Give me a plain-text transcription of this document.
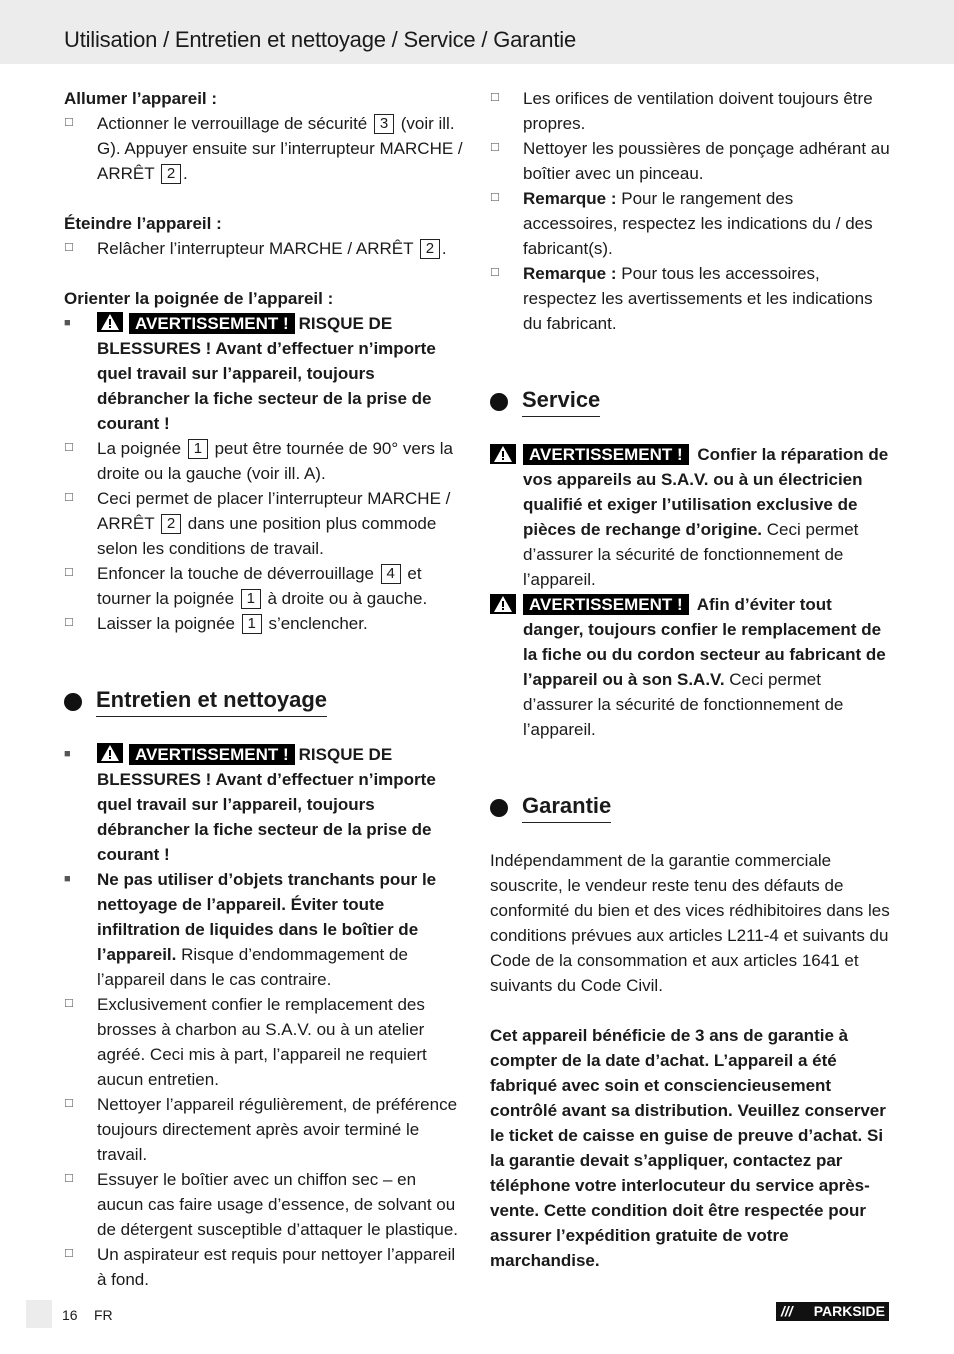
Utilisation / Entretien et nettoyage / Service / Garantie

Allumer l’appareil :

☐ Actionner le verrouillage de sécurité 3 (voir ill. G). Appuyer ensuite sur l’interrupteur MARCHE / ARRÊT 2 .

Éteindre l’appareil :

☐ Relâcher l’interrupteur MARCHE / ARRÊT 2 .

Orienter la poignée de l’appareil :

■	AVERTISSEMENT ! RISQUE DE BLESSURES ! Avant d’effectuer n’importe quel travail sur l’appareil, toujours débrancher la fiche secteur de la prise de courant !
☐ La poignée 1 peut être tournée de 90° vers la droite ou la gauche (voir ill. A).
☐ Ceci permet de placer l’interrupteur MARCHE / ARRÊT 2 dans une position plus commode selon les conditions de travail.
☐ Enfoncer la touche de déverrouillage 4 et tourner la poignée 1 à droite ou à gauche.
☐ Laisser la poignée 1 s’enclencher.
Entretien et nettoyage
■	AVERTISSEMENT ! RISQUE DE BLESSURES ! Avant d’effectuer n’importe quel travail sur l’appareil, toujours débrancher la fiche secteur de la prise de courant !
■ Ne pas utiliser d’objets tranchants pour le nettoyage de l’appareil. Éviter toute infiltration de liquides dans le boîtier de l’appareil. Risque d’endommagement de l’appareil dans le cas contraire.
☐ Exclusivement confier le remplacement des brosses à charbon au S.A.V. ou à un atelier agréé. Ceci mis à part, l’appareil ne requiert aucun entretien.
☐ Nettoyer l’appareil régulièrement, de préférence toujours directement après avoir terminé le travail.
☐ Essuyer le boîtier avec un chiffon sec – en aucun cas faire usage d’essence, de solvant ou de détergent susceptible d’attaquer le plastique.
☐ Un aspirateur est requis pour nettoyer l’appareil à fond.
☐ Les orifices de ventilation doivent toujours être propres.
☐ Nettoyer les poussières de ponçage adhérant au boîtier avec un pinceau.
☐ Remarque : Pour le rangement des accessoires, respectez les indications du / des fabricant(s).
☐ Remarque : Pour tous les accessoires, respectez les avertissements et les indications du fabricant.
Service
AVERTISSEMENT ! Confier la réparation de vos appareils au S.A.V. ou à un électricien qualifié et exiger l’utilisation exclusive de pièces de rechange d’origine. Ceci permet d’assurer la sécurité de fonctionnement de l’appareil.
AVERTISSEMENT ! Afin d’éviter tout danger, toujours confier le remplacement de la fiche ou du cordon secteur au fabricant de l’appareil ou à son S.A.V. Ceci permet d’assurer la sécurité de fonctionnement de l’appareil.
Garantie

Indépendamment de la garantie commerciale souscrite, le vendeur reste tenu des défauts de conformité du bien et des vices rédhibitoires dans les conditions prévues aux articles L211-4 et suivants du Code de la consommation et aux articles 1641 et suivants du Code Civil.

Cet appareil bénéficie de 3 ans de garantie à compter de la date d’achat. L’appareil a été fabriqué avec soin et consciencieusement contrôlé avant sa distribution. Veuillez conserver le ticket de caisse en guise de preuve d’achat. Si la garantie devait s’appliquer, contactez par téléphone votre interlocuteur du service après-vente. Cette condition doit être respectée pour assurer l’expédition gratuite de votre marchandise.

16 FR	/// PARKSIDE
